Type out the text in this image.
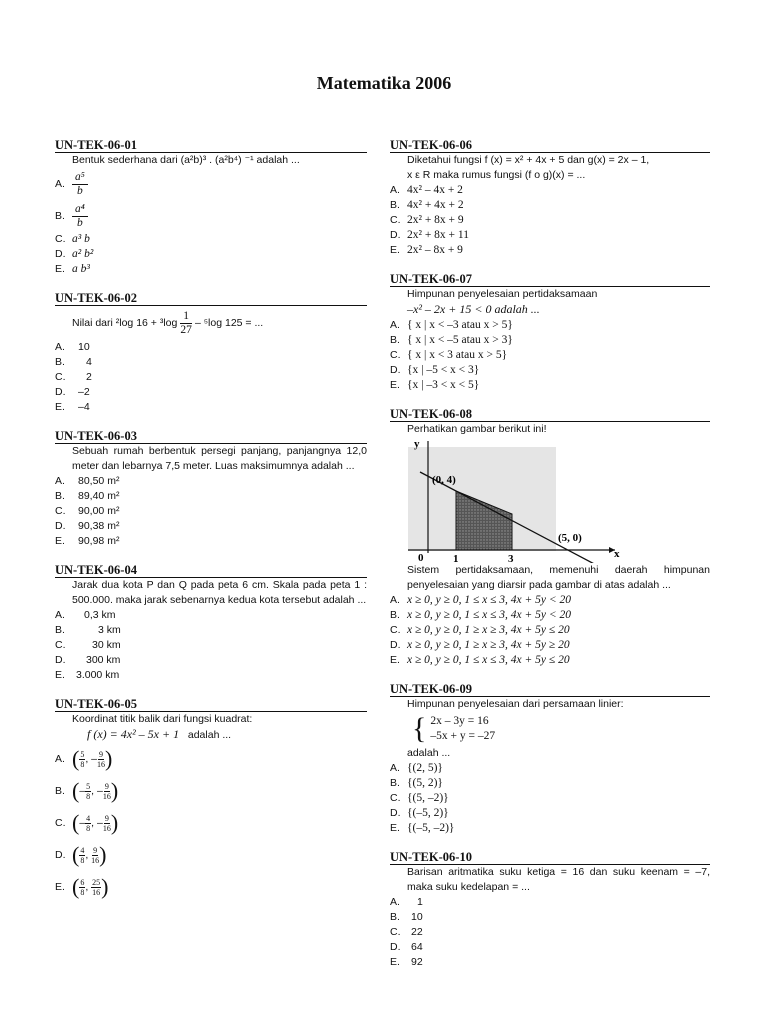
Matematika 2006
UN-TEK-06-01
Bentuk sederhana dari (a²b)³ . (a²b⁴) ⁻¹ adalah ...
A. $\frac{\text{a⁵}}{b}$
B. $\frac{\text{a⁴}}{b}$
C. a³ b
D. a² b²
E. a b³
UN-TEK-06-02
Nilai dari ²log 16 + ³log
$\frac{1}{27}$
– ⁵log 125 = ...
A.	10
B.	4
C.	2
D.	–2
E.	–4
UN-TEK-06-03
Sebuah rumah berbentuk persegi panjang, panjangnya 12,0 meter dan lebarnya 7,5 meter. Luas maksimumnya adalah ...
A.	80,50 m²
B.	89,40 m²
C.	90,00 m²
D.	90,38 m²
E.	90,98 m²
UN-TEK-06-04
Jarak dua kota P dan Q pada peta 6 cm. Skala pada peta 1 : 500.000. maka jarak sebenarnya kedua kota tersebut adalah ...
A.	0,3 km
B.	3 km
C.	30 km
D.	300 km
E.	3.000 km
UN-TEK-06-05
Koordinat titik balik dari fungsi kuadrat:
f (x) = 4x² – 5x + 1 adalah ...
A. ( $\frac{5}{8}$ , – $\frac{9}{16}$ )
B. ( – $\frac{5}{8}$ , – $\frac{9}{16}$ )
C. ( – $\frac{4}{8}$ , – $\frac{9}{16}$ )
D. ( $\frac{4}{8}$ , $\frac{9}{16}$ )
E. ( $\frac{6}{8}$ , $\frac{25}{16}$ )
UN-TEK-06-06
Diketahui fungsi f (x) = x² + 4x + 5 dan g(x) = 2x – 1,
x ε R maka rumus fungsi (f o g)(x) = ...
A. 4x² – 4x + 2
B. 4x² + 4x + 2
C. 2x² + 8x + 9
D. 2x² + 8x + 11
E. 2x² – 8x + 9
UN-TEK-06-07
Himpunan penyelesaian pertidaksamaan
–x² – 2x + 15 < 0 adalah ...
A. { x | x < –3 atau x > 5}
B. { x | x < –5 atau x > 3}
C. { x | x < 3 atau x > 5}
D. {x | –5 < x < 3}
E. {x | –3 < x < 5}
UN-TEK-06-08
Perhatikan gambar berikut ini!
y
x
(0, 4)
(5, 0)
0	1	3
Sistem pertidaksamaan, memenuhi daerah himpunan penyelesaian yang diarsir pada gambar di atas adalah ...
A. x ≥ 0, y ≥ 0, 1 ≤ x ≤ 3, 4x + 5y < 20
B. x ≥ 0, y ≥ 0, 1 ≤ x ≤ 3, 4x + 5y < 20
C. x ≥ 0, y ≥ 0, 1 ≥ x ≥ 3, 4x + 5y ≤ 20
D. x ≥ 0, y ≥ 0, 1 ≥ x ≥ 3, 4x + 5y ≥ 20
E. x ≥ 0, y ≥ 0, 1 ≤ x ≤ 3, 4x + 5y ≤ 20
UN-TEK-06-09
Himpunan penyelesaian dari persamaan linier:
{ 2x – 3y = 16
–5x + y = –27
adalah ...
A. {(2, 5)}
B. {(5, 2)}
C. {(5, –2)}
D. {(–5, 2)}
E. {(–5, –2)}
UN-TEK-06-10
Barisan aritmatika suku ketiga = 16 dan suku keenam = –7, maka suku kedelapan = ...
A.	1
B.	10
C.	22
D.	64
E.	92
